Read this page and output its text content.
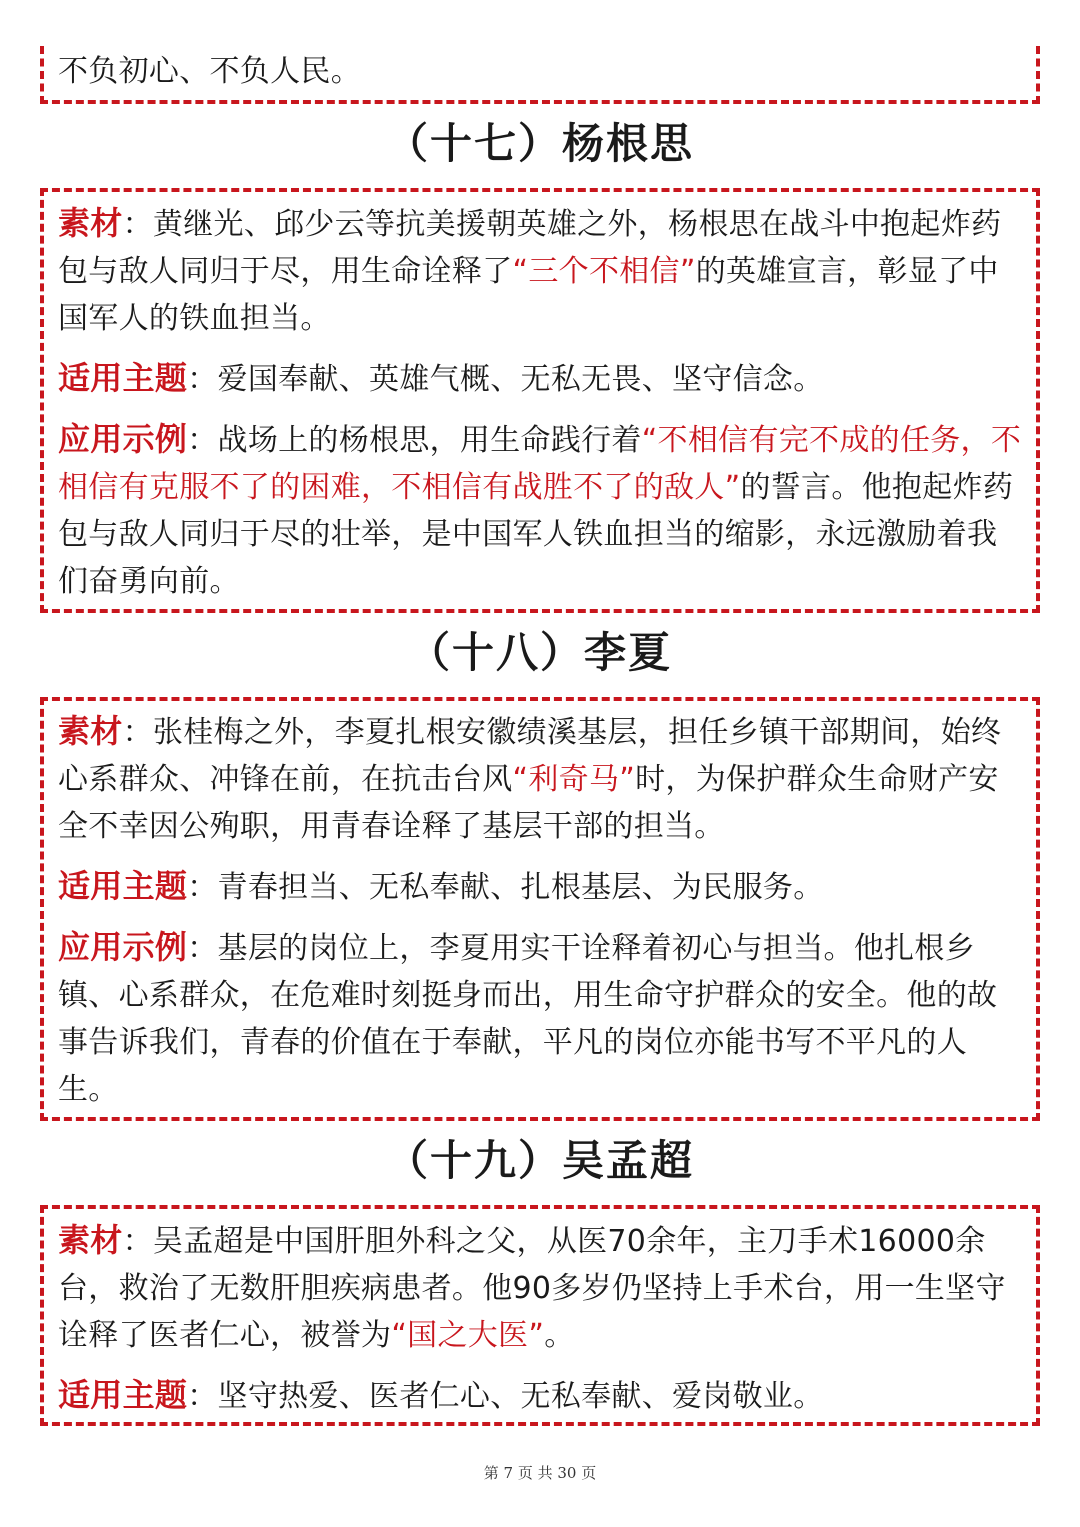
不负初心、不负人民。

（十七）杨根思

素材：黄继光、邱少云等抗美援朝英雄之外，杨根思在战斗中抱起炸药包与敌人同归于尽，用生命诠释了“三个不相信”的英雄宣言，彰显了中国军人的铁血担当。

适用主题：爱国奉献、英雄气概、无私无畏、坚守信念。

应用示例：战场上的杨根思，用生命践行着“不相信有完不成的任务，不相信有克服不了的困难，不相信有战胜不了的敌人”的誓言。他抱起炸药包与敌人同归于尽的壮举，是中国军人铁血担当的缩影，永远激励着我们奋勇向前。

（十八）李夏

素材：张桂梅之外，李夏扎根安徽绩溪基层，担任乡镇干部期间，始终心系群众、冲锋在前，在抗击台风“利奇马”时，为保护群众生命财产安全不幸因公殉职，用青春诠释了基层干部的担当。

适用主题：青春担当、无私奉献、扎根基层、为民服务。

应用示例：基层的岗位上，李夏用实干诠释着初心与担当。他扎根乡镇、心系群众，在危难时刻挺身而出，用生命守护群众的安全。他的故事告诉我们，青春的价值在于奉献，平凡的岗位亦能书写不平凡的人生。

（十九）吴孟超

素材：吴孟超是中国肝胆外科之父，从医70余年，主刀手术16000余台，救治了无数肝胆疾病患者。他90多岁仍坚持上手术台，用一生坚守诠释了医者仁心，被誉为“国之大医”。

适用主题：坚守热爱、医者仁心、无私奉献、爱岗敬业。

第 7 页 共 30 页
